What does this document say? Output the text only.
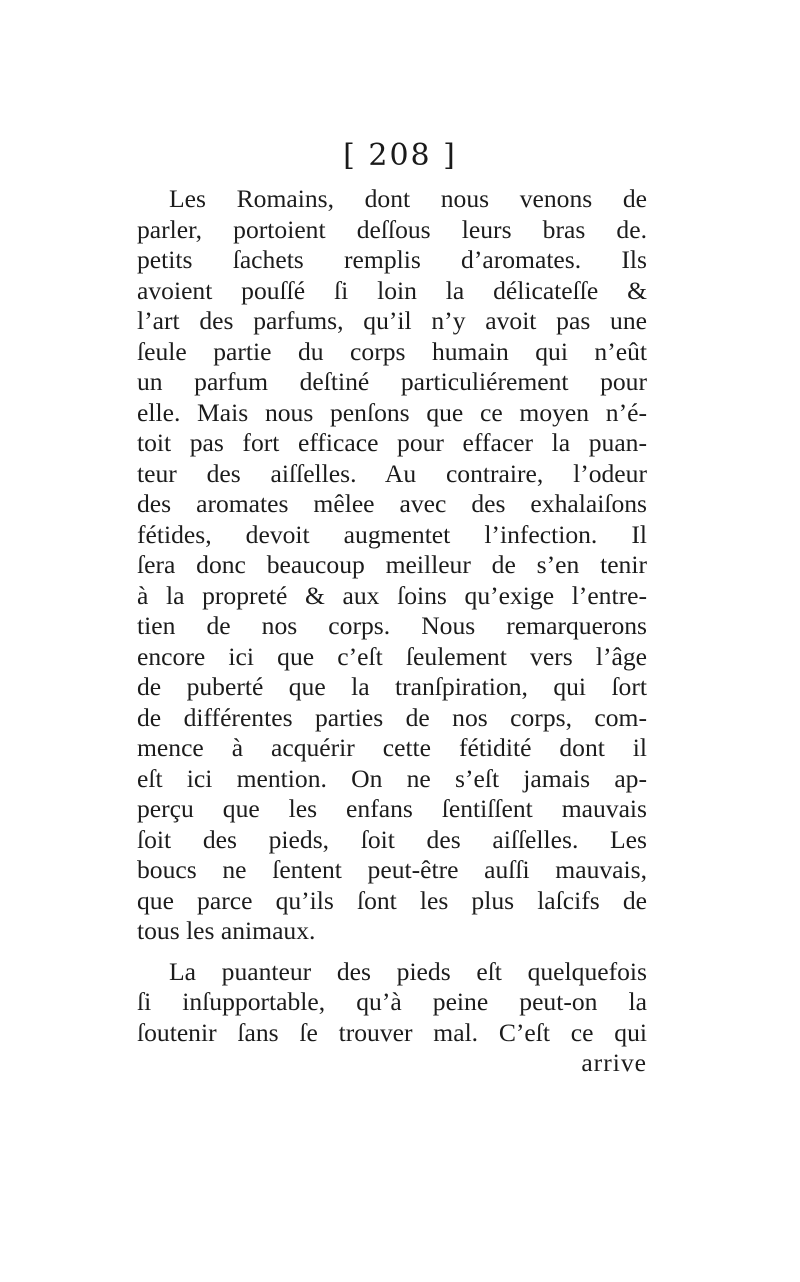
[ 208 ]
Les Romains, dont nous venons de
parler, portoient deſſous leurs bras de.
petits ſachets remplis d’aromates. Ils
avoient pouſſé ſi loin la délicateſſe &
l’art des parfums, qu’il n’y avoit pas une
ſeule partie du corps humain qui n’eût
un parfum deſtiné particuliérement pour
elle. Mais nous penſons que ce moyen n’é-
toit pas fort efficace pour effacer la puan-
teur des aiſſelles. Au contraire, l’odeur
des aromates mêlee avec des exhalaiſons
fétides, devoit augmentet l’infection. Il
ſera donc beaucoup meilleur de s’en tenir
à la propreté & aux ſoins qu’exige l’entre-
tien de nos corps. Nous remarquerons
encore ici que c’eſt ſeulement vers l’âge
de puberté que la tranſpiration, qui ſort
de différentes parties de nos corps, com-
mence à acquérir cette fétidité dont il
eſt ici mention. On ne s’eſt jamais ap-
perçu que les enfans ſentiſſent mauvais
ſoit des pieds, ſoit des aiſſelles. Les
boucs ne ſentent peut-être auſſi mauvais,
que parce qu’ils ſont les plus laſcifs de
tous les animaux.
La puanteur des pieds eſt quelquefois
ſi inſupportable, qu’à peine peut-on la
ſoutenir ſans ſe trouver mal. C’eſt ce qui
arrive
